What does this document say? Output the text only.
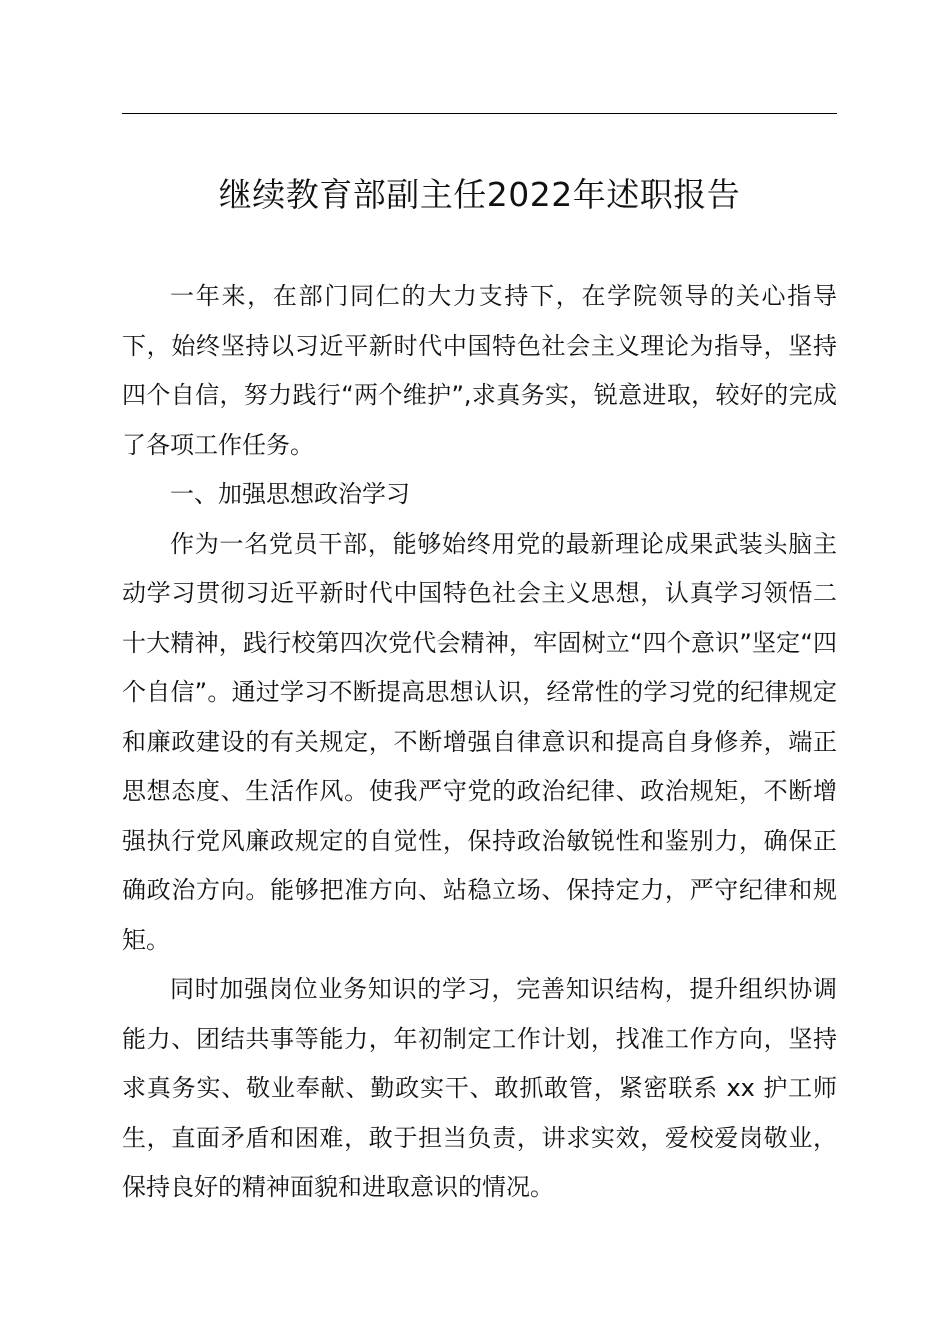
继续教育部副主任2022年述职报告

一年来，在部门同仁的大力支持下，在学院领导的关心指导下，始终坚持以习近平新时代中国特色社会主义理论为指导，坚持四个自信，努力践行“两个维护”,求真务实，锐意进取，较好的完成了各项工作任务。

一、加强思想政治学习

作为一名党员干部，能够始终用党的最新理论成果武装头脑主动学习贯彻习近平新时代中国特色社会主义思想，认真学习领悟二十大精神，践行校第四次党代会精神，牢固树立“四个意识”坚定“四个自信”。通过学习不断提高思想认识，经常性的学习党的纪律规定和廉政建设的有关规定，不断增强自律意识和提高自身修养，端正思想态度、生活作风。使我严守党的政治纪律、政治规矩，不断增强执行党风廉政规定的自觉性，保持政治敏锐性和鉴别力，确保正确政治方向。能够把准方向、站稳立场、保持定力，严守纪律和规矩。

同时加强岗位业务知识的学习，完善知识结构，提升组织协调能力、团结共事等能力，年初制定工作计划，找准工作方向，坚持求真务实、敬业奉献、勤政实干、敢抓敢管，紧密联系 xx 护工师生，直面矛盾和困难，敢于担当负责，讲求实效，爱校爱岗敬业，保持良好的精神面貌和进取意识的情况。
